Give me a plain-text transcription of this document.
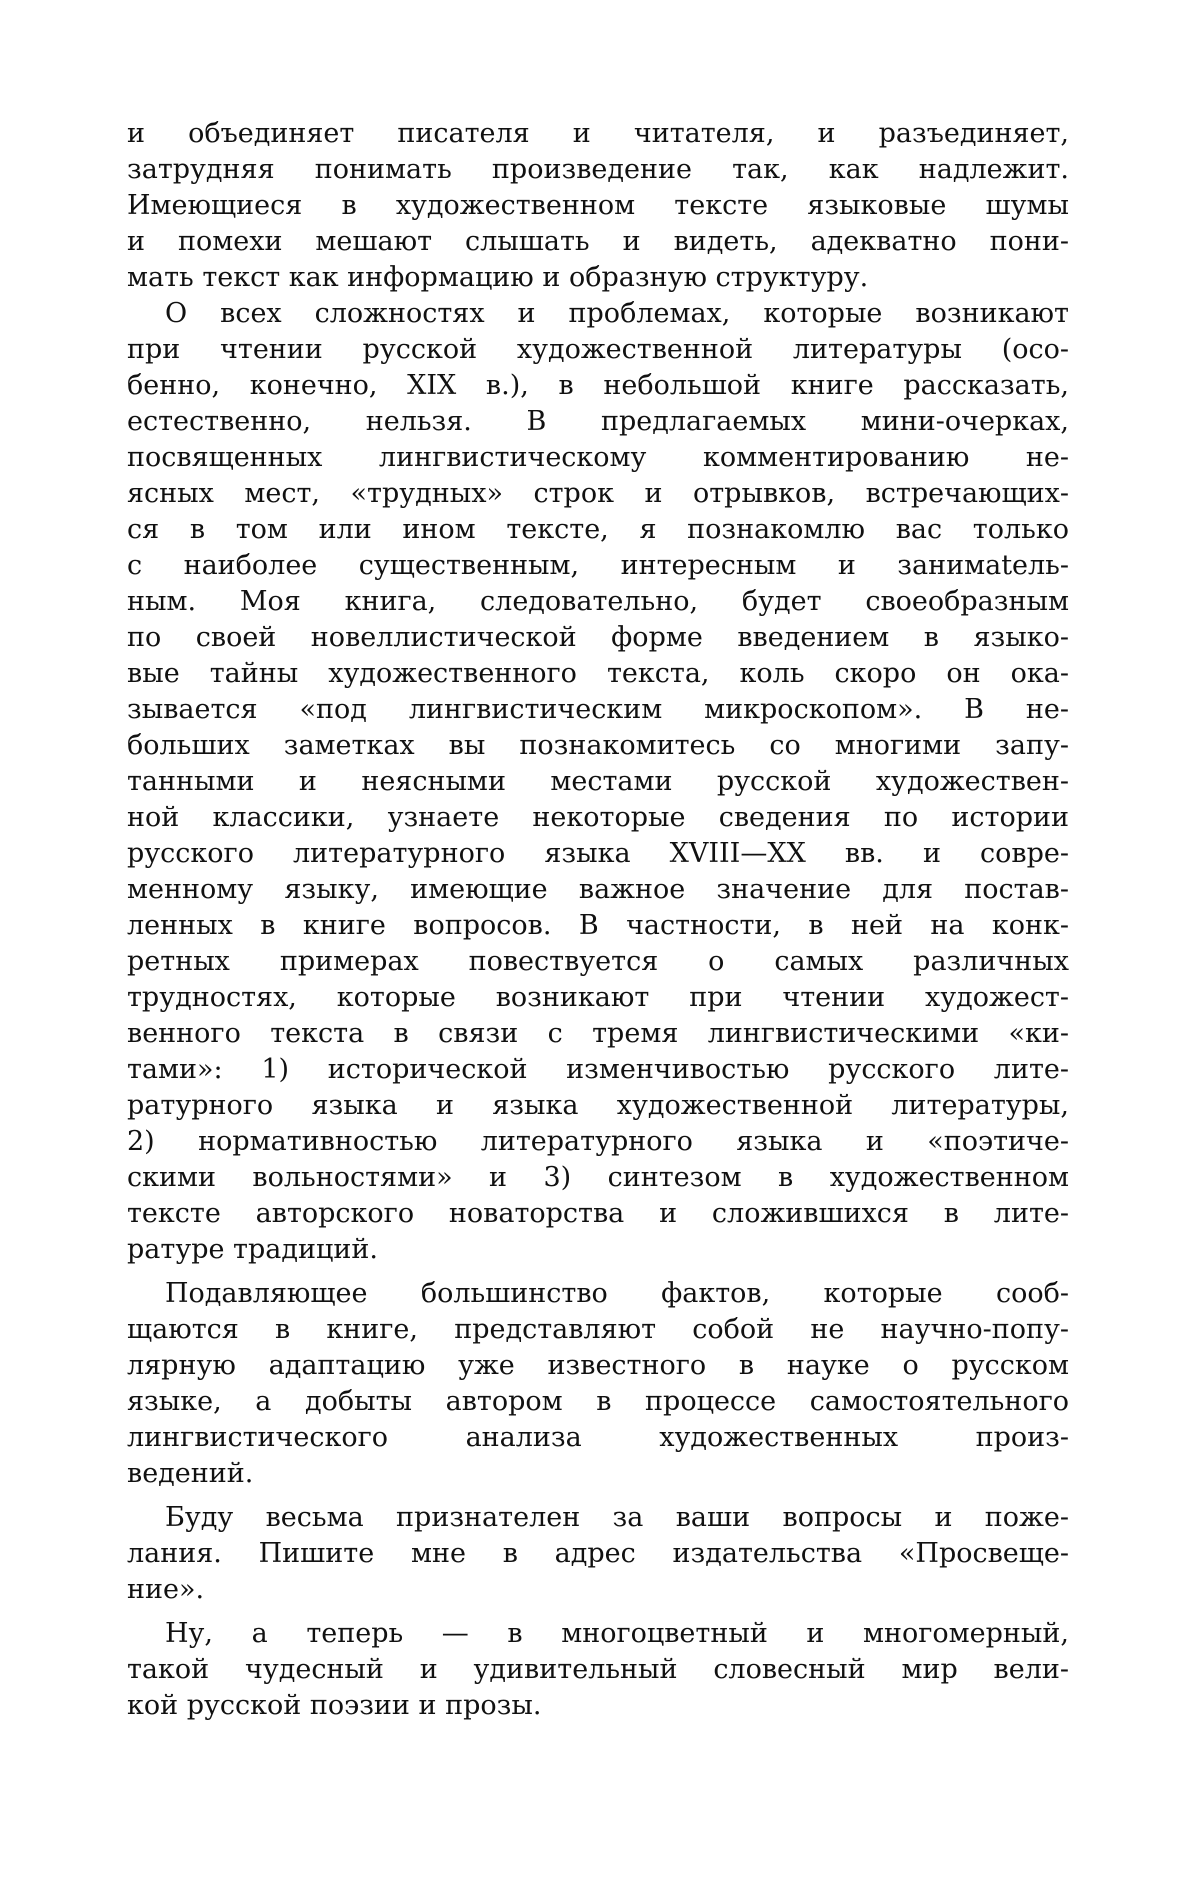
и объединяет писателя и читателя, и разъединяет,
затрудняя понимать произведение так, как надлежит.
Имеющиеся в художественном тексте языковые шумы
и помехи мешают слышать и видеть, адекватно пони-
мать текст как информацию и образную структуру.
О всех сложностях и проблемах, которые возникают
при чтении русской художественной литературы (осо-
бенно, конечно, XIX в.), в небольшой книге рассказать,
естественно, нельзя. В предлагаемых мини-очерках,
посвященных лингвистическому комментированию не-
ясных мест, «трудных» строк и отрывков, встречающих-
ся в том или ином тексте, я познакомлю вас только
с наиболее существенным, интересным и занимatель-
ным. Моя книга, следовательно, будет своеобразным
по своей новеллистической форме введением в языко-
вые тайны художественного текста, коль скоро он ока-
зывается «под лингвистическим микроскопом». В не-
больших заметках вы познакомитесь со многими запу-
танными и неясными местами русской художествен-
ной классики, узнаете некоторые сведения по истории
русского литературного языка XVIII—XX вв. и совре-
менному языку, имеющие важное значение для постав-
ленных в книге вопросов. В частности, в ней на конк-
ретных примерах повествуется о самых различных
трудностях, которые возникают при чтении художест-
венного текста в связи с тремя лингвистическими «ки-
тами»: 1) исторической изменчивостью русского лите-
ратурного языка и языка художественной литературы,
2) нормативностью литературного языка и «поэтиче-
скими вольностями» и 3) синтезом в художественном
тексте авторского новаторства и сложившихся в лите-
ратуре традиций.
Подавляющее большинство фактов, которые сооб-
щаются в книге, представляют собой не научно-попу-
лярную адаптацию уже известного в науке о русском
языке, а добыты автором в процессе самостоятельного
лингвистического анализа художественных произ-
ведений.
Буду весьма признателен за ваши вопросы и поже-
лания. Пишите мне в адрес издательства «Просвеще-
ние».
Ну, а теперь — в многоцветный и многомерный,
такой чудесный и удивительный словесный мир вели-
кой русской поэзии и прозы.
